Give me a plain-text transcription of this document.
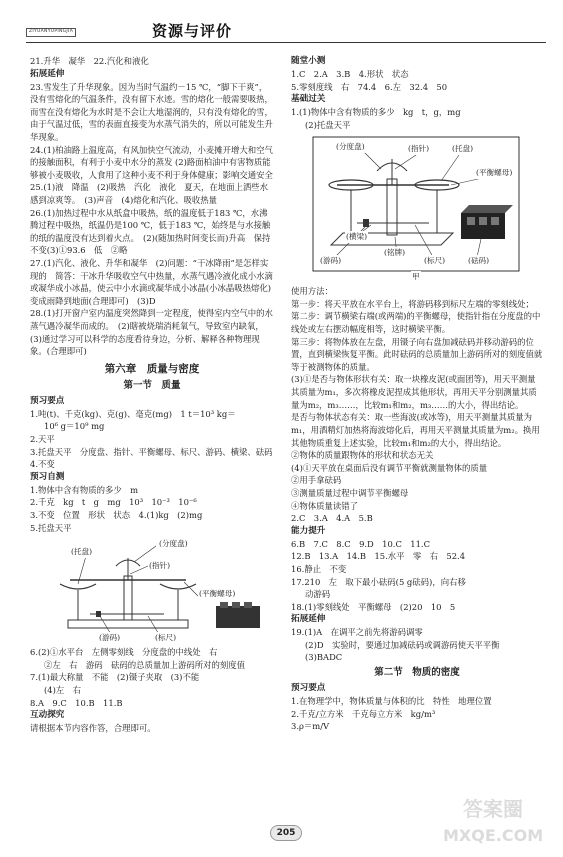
ZIYUANYUPINGJIA	资源与评价
21.升华　凝华　22.汽化和液化
拓展延伸
23.雪发生了升华现象。因为当时气温约－15 ℃，“脚下干爽”，没有雪熔化的气温条件，没有留下水迹。雪的熔化一般需要吸热，而雪在没有熔化为水时是不会让大地湿润的，只有没有熔化的雪，由于气温过低，雪的表面直接变为水蒸气消失的，所以可能发生升华现象。
24.(1)柏油路上温度高，有风加快空气流动，小麦摊开增大和空气的接触面积，有利于小麦中水分的蒸发 (2)路面柏油中有害物质能够被小麦吸收，人食用了这种小麦不利于身体健康；影响交通安全
25.(1)液　降温　(2)吸热　汽化　液化　夏天，在地面上洒些水感到凉爽等。　(3)声音　(4)熔化和汽化、吸收热量
26.(1)加热过程中水从纸盒中吸热，纸的温度低于183 ℃，水沸腾过程中吸热，纸温仍是100 ℃，低于183 ℃，始终是与水接触的纸的温度没有达到着火点。　(2)(随加热时间变长而)升高　保持不变(3)①93.6　低　②略
27.(1)汽化、液化、升华和凝华　(2)问题：“干冰降雨”是怎样实现的　简答：干冰升华吸收空气中热量，水蒸气遇冷液化成小水滴或凝华成小冰晶，使云中小水滴或凝华成小冰晶(小冰晶吸热熔化)变成雨降到地面(合理即可)　(3)D
28.(1)打开窗户室内温度突然降到一定程度，使得室内空气中的水蒸气遇冷凝华而成的。　(2)瞎被烧瑞消耗氧气，导致室内缺氧，(3)通过学习可以科学的态度看待身边，分析、解释各种物理现象。(合理即可)
第六章　质量与密度
第一节　质量
预习要点
1.吨(t)、千克(kg)、克(g)、毫克(mg)　1 t＝10³ kg＝
10⁶ g＝10⁹ mg
2.天平
3.托盘天平　分度盘、指针、平衡螺母、标尺、游码、横梁、砝码
4.不变
预习自测
1.物体中含有物质的多少　m
2.千克　kg　t　g　mg　10³　10⁻³　10⁻⁶
3.不变　位置　形状　状态　4.(1)kg　(2)mg
5.托盘天平
(托盘)
(分度盘)
(指针)
(平衡螺母)
(游码)	(标尺)
6.(2)①水平台　左侧零刻线　分度盘的中线处　右
②左　右　游码　砝码的总质量加上游码所对的刻度值
7.(1)最大称量　不能　(2)镊子夹取　(3)不能
(4)左　右
8.A　9.C　10.B　11.B
互动探究
请根据本节内容作答，合理即可。
随堂小测
1.C　2.A　3.B　4.形状　状态
5.零刻度线　右　74.4　6.左　32.4　50
基础过关
1.(1)物体中含有物质的多少　kg　t，g，mg
(2)托盘天平
(分度盘)	(指针)	(托盘)
(平衡螺母)
(横梁)
(铭牌)
(游码)	(标尺)	(砝码)
甲
使用方法：
第一步：将天平放在水平台上，将游码移到标尺左端的零刻线处；
第二步：调节横梁右端(或两端)的平衡螺母，使指针指在分度盘的中线处或左右摆动幅度相等，这时横梁平衡。
第三步：将物体放在左盘，用镊子向右盘加减砝码并移动游码的位置，直到横梁恢复平衡。此时砝码的总质量加上游码所对的刻度值就等于被测物体的质量。
(3)①是否与物体形状有关：取一块橡皮泥(或面团等)，用天平测量其质量为m₁，多次将橡皮泥捏成其他形状，再用天平分别测量其质量为m₂，m₃……，比较m₁和m₂，m₃……的大小，得出结论。
是否与物体状态有关：取一些海波(或冰等)，用天平测量其质量为m₁，用酒精灯加热将海波熔化后，再用天平测量其质量为m₂。换用其他物质重复上述实验，比较m₁和m₂的大小，得出结论。
②物体的质量跟物体的形状和状态无关
(4)①天平放在桌面后没有调节平衡就测量物体的质量
②用手拿砝码
③测量质量过程中调节平衡螺母
④物体质量读错了
2.C　3.A　4.A　5.B
能力提升
6.B　7.C　8.C　9.D　10.C　11.C
12.B　13.A　14.B　15.水平　零　右　52.4
16.静止　不变
17.210　左　取下最小砝码(5 g砝码)，向右移
动游码
18.(1)零刻线处　平衡螺母　(2)20　10　5
拓展延伸
19.(1)A　在调平之前先将游码调零
(2)D　实验时，要通过加减砝码或调游码使天平平衡　(3)BADC
第二节　物质的密度
预习要点
1.在物理学中，物体质量与体积的比　特性　地理位置
2.千克/立方米　千克每立方米　kg/m³
3.ρ＝m/V
205
答案圈
MXQE.COM
